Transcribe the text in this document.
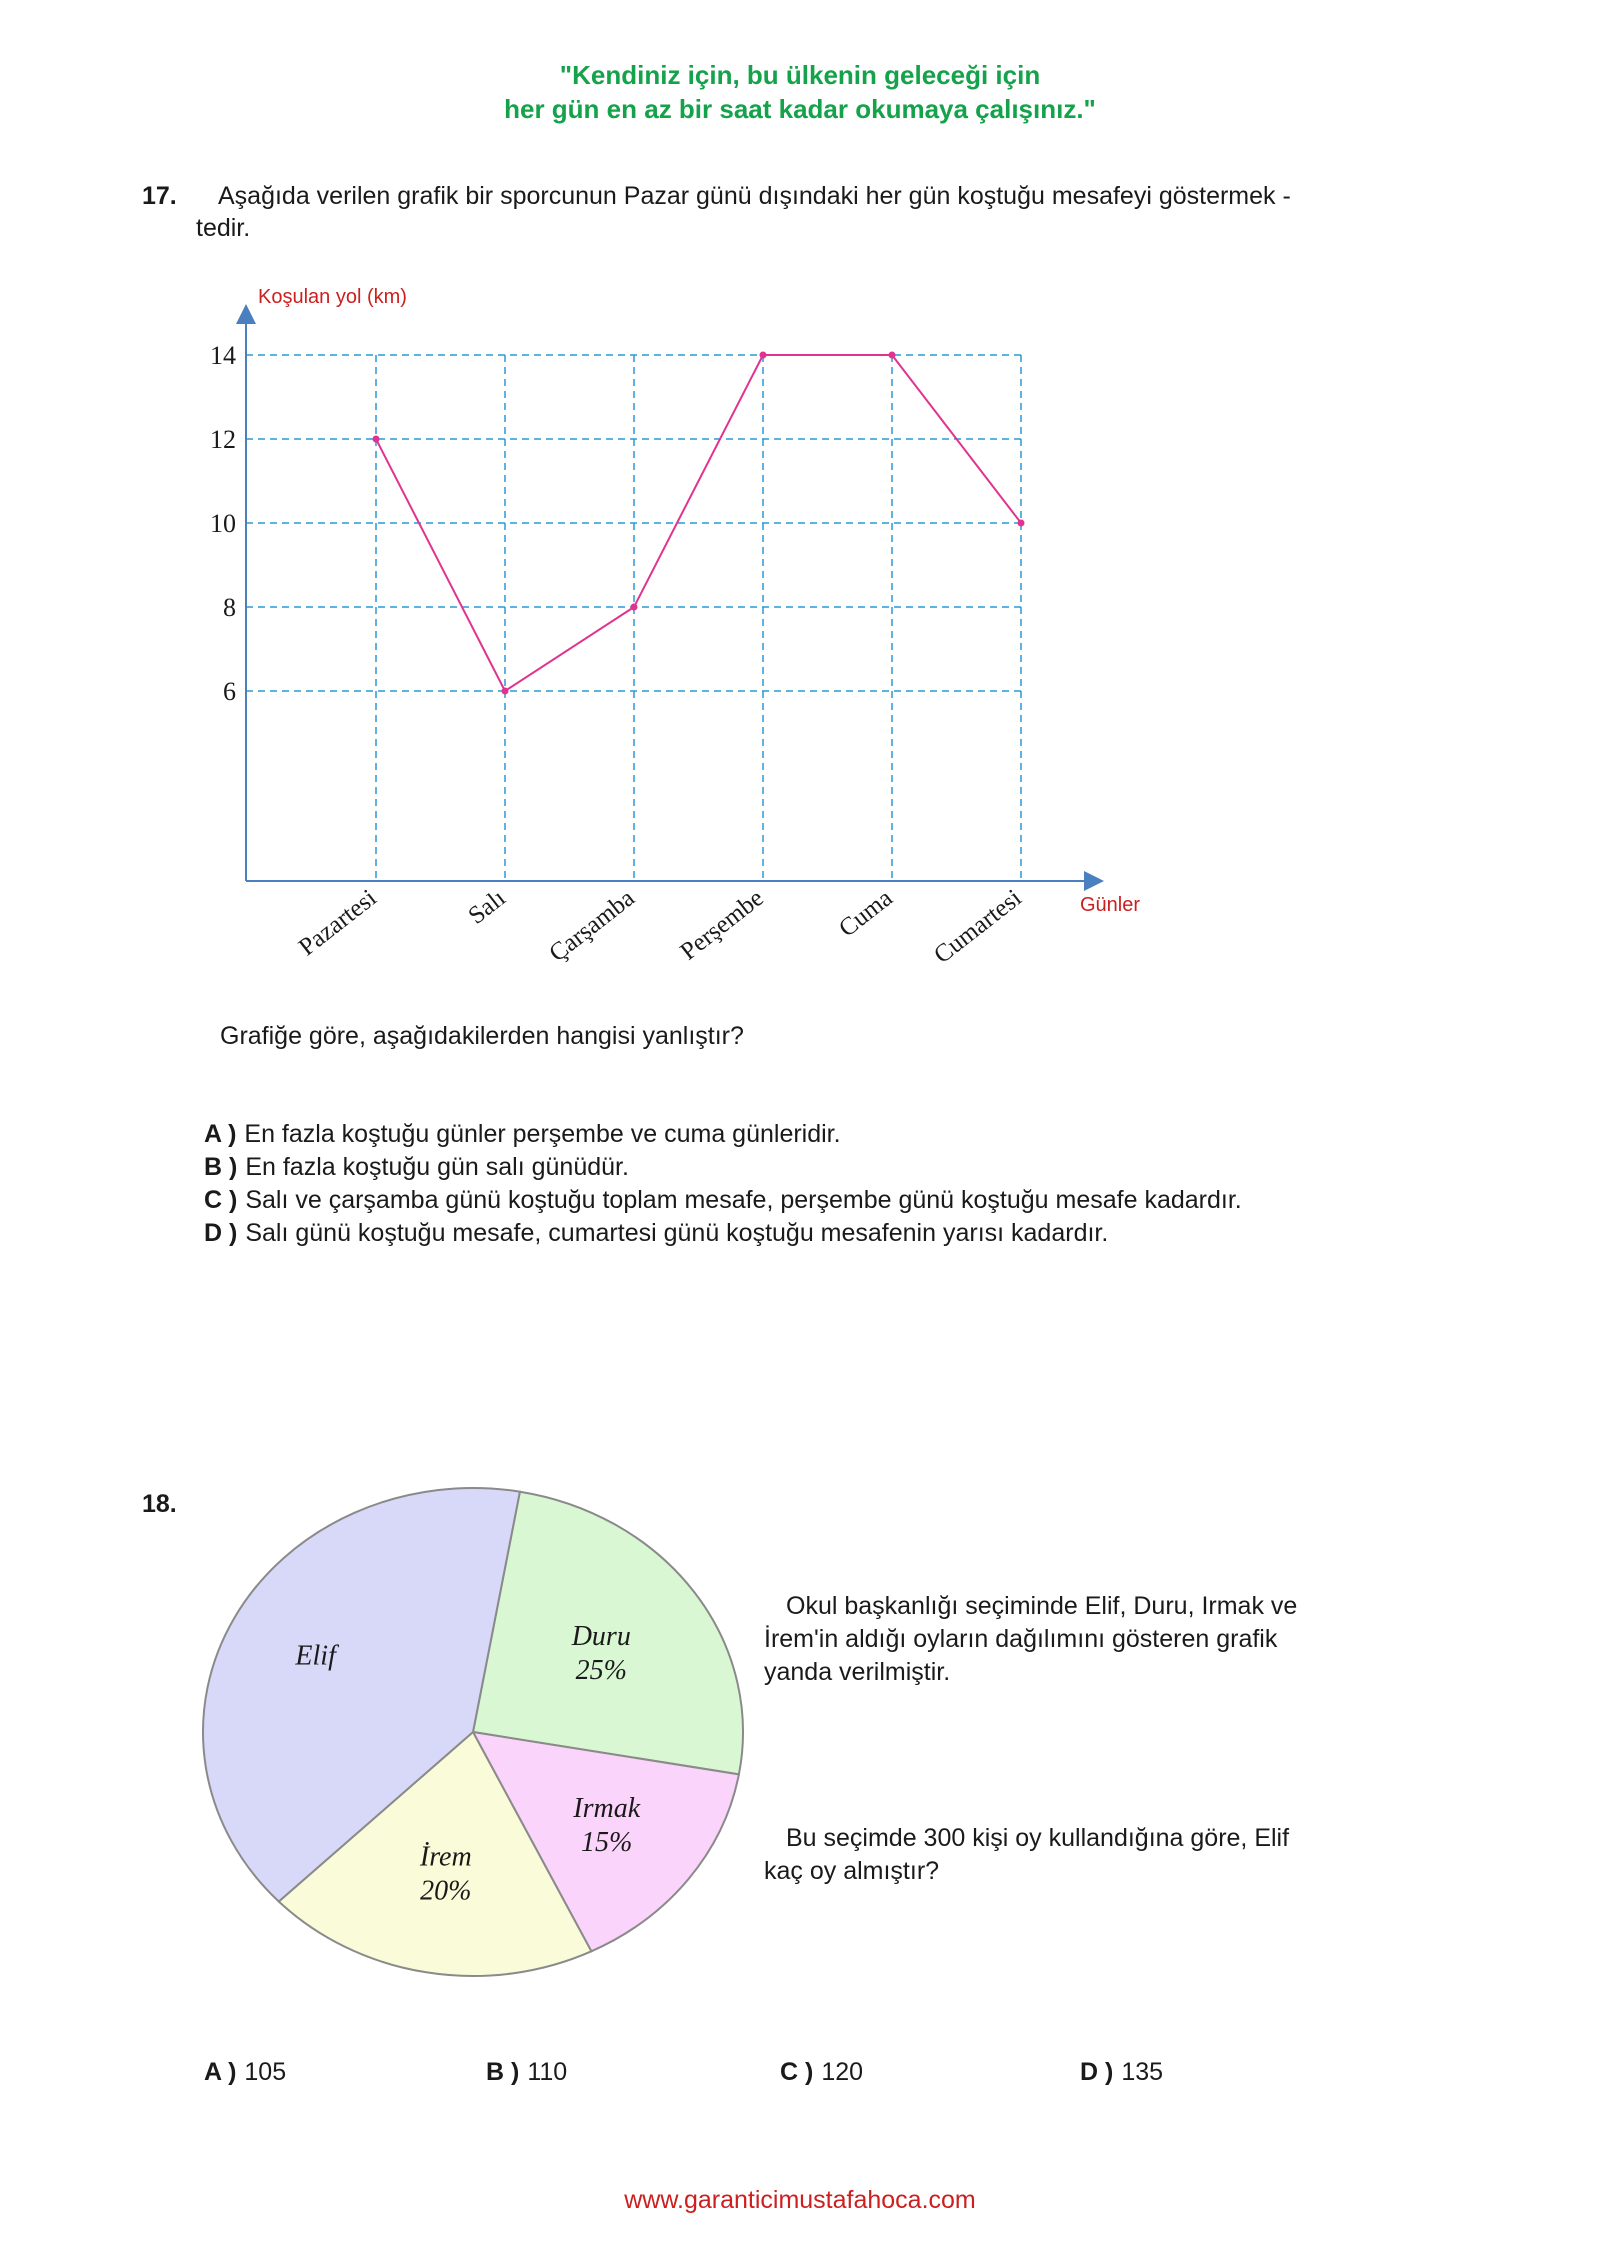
"Kendiniz için, bu ülkenin geleceği için
her gün en az bir saat kadar okumaya çalışınız."
17. Aşağıda verilen grafik bir sporcunun Pazar günü dışındaki her gün koştuğu mesafeyi göstermek -
tedir.
Koşulan yol (km)
Günler
6
8
10
12
14
Pazartesi	Salı Çarşamba Perşembe	Cuma Cumartesi
Grafiğe göre, aşağıdakilerden hangisi yanlıştır?
A ) En fazla koştuğu günler perşembe ve cuma günleridir.
B ) En fazla koştuğu gün salı günüdür.
C ) Salı ve çarşamba günü koştuğu toplam mesafe, perşembe günü koştuğu mesafe kadardır.
D ) Salı günü koştuğu mesafe, cumartesi günü koştuğu mesafenin yarısı kadardır.
18.
Duru
25%
Irmak
15%
İrem
20%
Elif
Okul başkanlığı seçiminde Elif, Duru, Irmak ve
İrem'in aldığı oyların dağılımını gösteren grafik
yanda verilmiştir.
Bu seçimde 300 kişi oy kullandığına göre, Elif
kaç oy almıştır?
A ) 105	B ) 110	C ) 120	D ) 135
www.garanticimustafahoca.com
